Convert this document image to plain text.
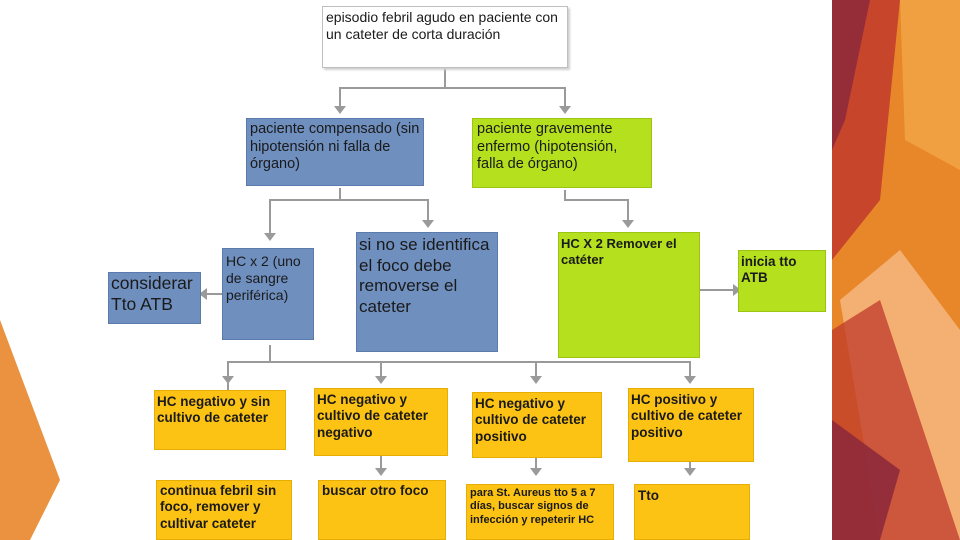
episodio febril agudo en paciente con un cateter de corta duración
paciente compensado (sin hipotensión ni falla de órgano)
paciente gravemente enfermo (hipotensión, falla de órgano)
HC x 2 (uno de sangre periférica)
considerar Tto ATB
si no se identifica el foco debe removerse el cateter
HC X 2 Remover el catéter	inicia tto ATB
HC negativo y sin cultivo de cateter
HC negativo y cultivo de cateter negativo
HC negativo y cultivo de cateter positivo
HC positivo y cultivo de cateter positivo
continua febril sin foco, remover y cultivar cateter
buscar otro foco	para St. Aureus tto 5 a 7 días, buscar signos de infección y repeterir HC
Tto
